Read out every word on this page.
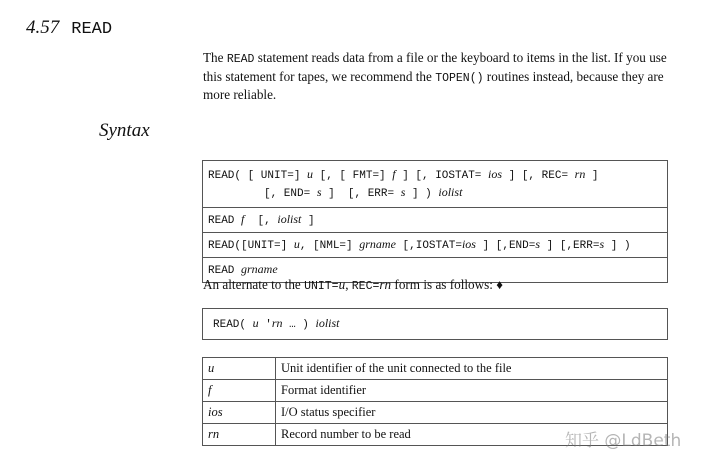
4.57 READ
The READ statement reads data from a file or the keyboard to items in the list. If you use this statement for tapes, we recommend the TOPEN() routines instead, because they are more reliable.
Syntax
READ( [ UNIT=] u [, [ FMT=] f ] [, IOSTAT= ios ] [, REC= rn ]
[, END= s ]  [, ERR= s ] ) iolist
READ f  [, iolist ]
READ([UNIT=] u, [NML=] grname [,IOSTAT=ios ] [,END=s ] [,ERR=s ] )
READ grname
An alternate to the UNIT=u, REC=rn form is as follows: ♦
READ( u 'rn … ) iolist
u	Unit identifier of the unit connected to the file
f	Format identifier
ios	I/O status specifier
rn	Record number to be read	知乎 @LdBeth
